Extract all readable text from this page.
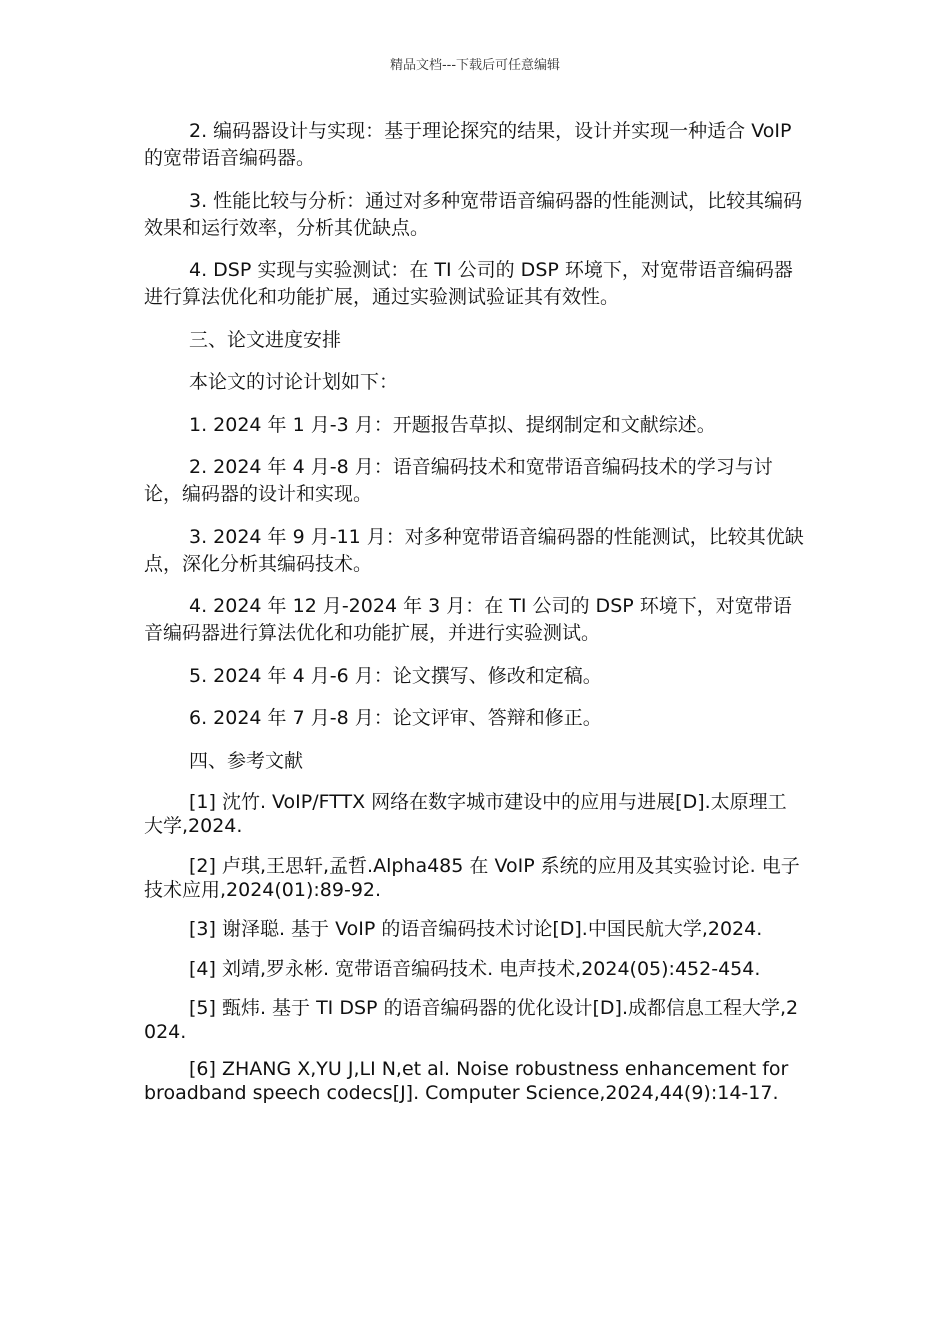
精品文档---下载后可任意编辑

2. 编码器设计与实现：基于理论探究的结果，设计并实现一种适合 VoIP 的宽带语音编码器。

3. 性能比较与分析：通过对多种宽带语音编码器的性能测试，比较其编码效果和运行效率，分析其优缺点。

4. DSP 实现与实验测试：在 TI 公司的 DSP 环境下，对宽带语音编码器进行算法优化和功能扩展，通过实验测试验证其有效性。

三、论文进度安排

本论文的讨论计划如下：

1. 2024 年 1 月-3 月：开题报告草拟、提纲制定和文献综述。

2. 2024 年 4 月-8 月：语音编码技术和宽带语音编码技术的学习与讨论，编码器的设计和实现。

3. 2024 年 9 月-11 月：对多种宽带语音编码器的性能测试，比较其优缺点，深化分析其编码技术。

4. 2024 年 12 月-2024 年 3 月：在 TI 公司的 DSP 环境下，对宽带语音编码器进行算法优化和功能扩展，并进行实验测试。

5. 2024 年 4 月-6 月：论文撰写、修改和定稿。

6. 2024 年 7 月-8 月：论文评审、答辩和修正。

四、参考文献

[1] 沈竹. VoIP/FTTX 网络在数字城市建设中的应用与进展[D].太原理工大学,2024.

[2] 卢琪,王思轩,孟哲.Alpha485 在 VoIP 系统的应用及其实验讨论. 电子技术应用,2024(01):89-92.

[3] 谢泽聪. 基于 VoIP 的语音编码技术讨论[D].中国民航大学,2024.

[4] 刘靖,罗永彬. 宽带语音编码技术. 电声技术,2024(05):452-454.

[5] 甄炜. 基于 TI DSP 的语音编码器的优化设计[D].成都信息工程大学,2024.

[6] ZHANG X,YU J,LI N,et al. Noise robustness enhancement for broadband speech codecs[J]. Computer Science,2024,44(9):14-17.
